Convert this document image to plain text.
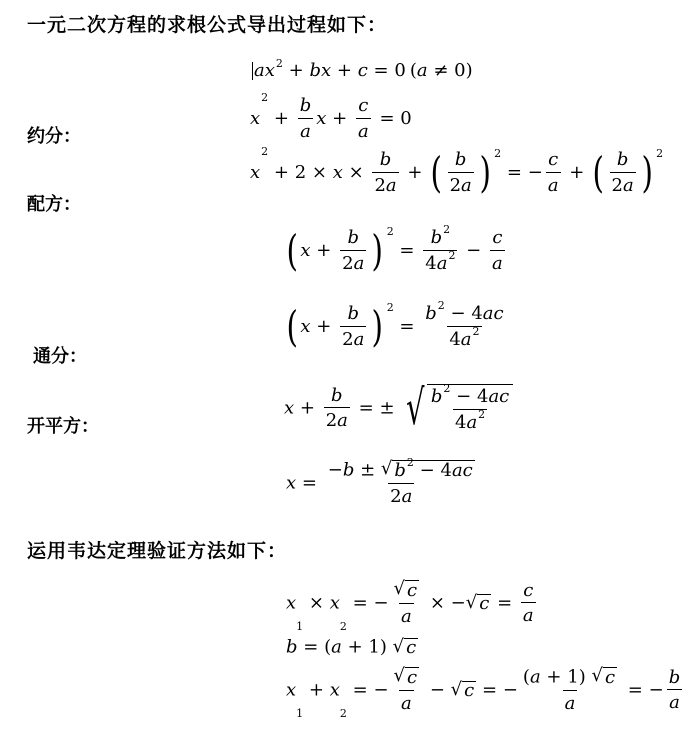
一元二次方程的求根公式导出过程如下：
运用韦达定理验证方法如下：
约分：
配方：
通分：
开平方：
$ax^2$ + bx + c = 0 (a ≠ 0)
$x^2 + \frac{b}{a}$ $x + \frac{c}{a} = 0$
$x^2 + 2 \times x \times \frac{b}{2a}$ + ( $\frac{b}{2a}$ ) $^2$ = − $\frac{c}{a}$ + ( $\frac{b}{2a}$ ) $^2$
( $x + \frac{b}{2a}$ ) $^2 = \frac{b^2}{4a^2} - \frac{c}{a}$
( $x + \frac{b}{2a}$ ) $^2 = \frac{b^2 - 4ac}{4a^2}$
$x + \frac{b}{2a}$ = ± √ $\frac{b^2 - 4ac}{4a^2}$
$x = \frac{-b \pm √ b^2 - 4ac}{2a}$
$x_1 \times x_2$ = − $\frac{√ c}{a}$ × − √ $c = \frac{c}{a}$
b = (a + 1) √ c
$x_1 + x_2$ = − $\frac{√ c}{a}$ − √ c = − $\frac{(a + 1) √ c}{a}$ = − $\frac{b}{a}$
